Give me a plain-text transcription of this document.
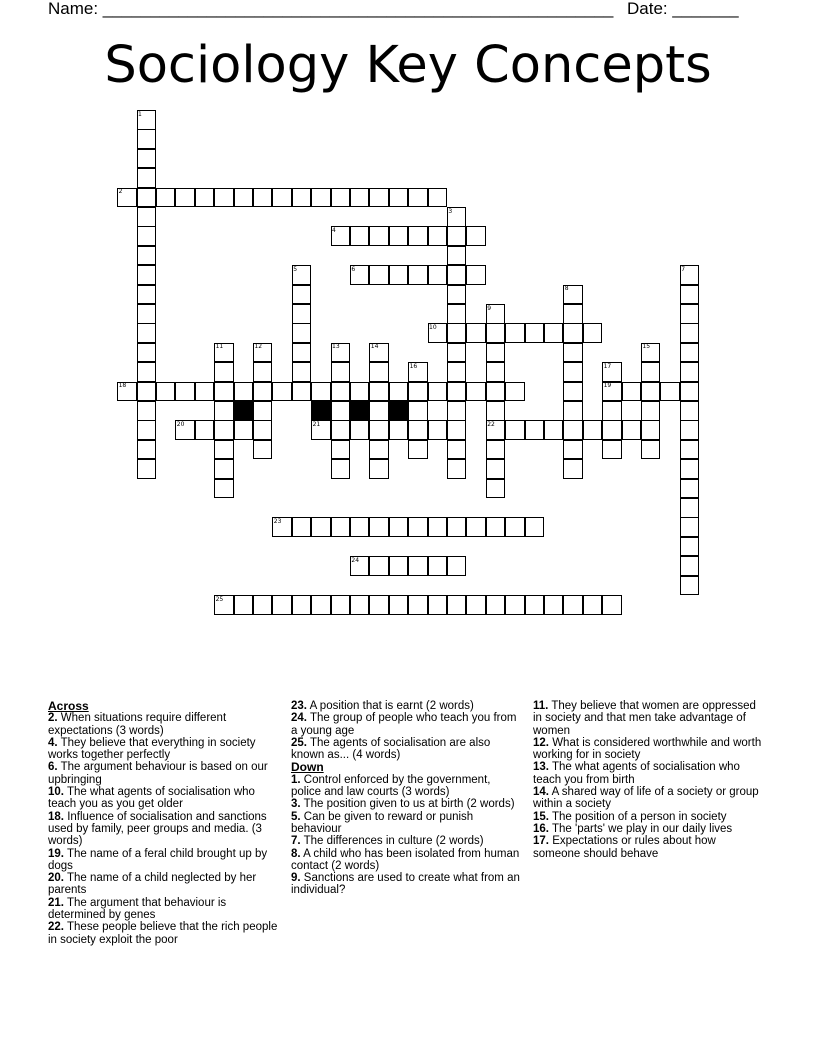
Name: ______________________________________________________ Date: _______
Sociology Key Concepts
1
2
3
4
5	6	7
8
9
10
11	12	13	14	15
16	17
18	19
20	21	22
23
24
25
Across
2. When situations require different expectations (3 words)
4. They believe that everything in society works together perfectly
6. The argument behaviour is based on our upbringing
10. The what agents of socialisation who teach you as you get older
18. Influence of socialisation and sanctions used by family, peer groups and media. (3 words)
19. The name of a feral child brought up by dogs
20. The name of a child neglected by her parents
21. The argument that behaviour is determined by genes
22. These people believe that the rich people in society exploit the poor
23. A position that is earnt (2 words)
24. The group of people who teach you from a young age
25. The agents of socialisation are also known as... (4 words)
Down
1. Control enforced by the government, police and law courts (3 words)
3. The position given to us at birth (2 words)
5. Can be given to reward or punish behaviour
7. The differences in culture (2 words)
8. A child who has been isolated from human contact (2 words)
9. Sanctions are used to create what from an individual?
11. They believe that women are oppressed in society and that men take advantage of women
12. What is considered worthwhile and worth working for in society
13. The what agents of socialisation who teach you from birth
14. A shared way of life of a society or group within a society
15. The position of a person in society
16. The 'parts' we play in our daily lives
17. Expectations or rules about how someone should behave
